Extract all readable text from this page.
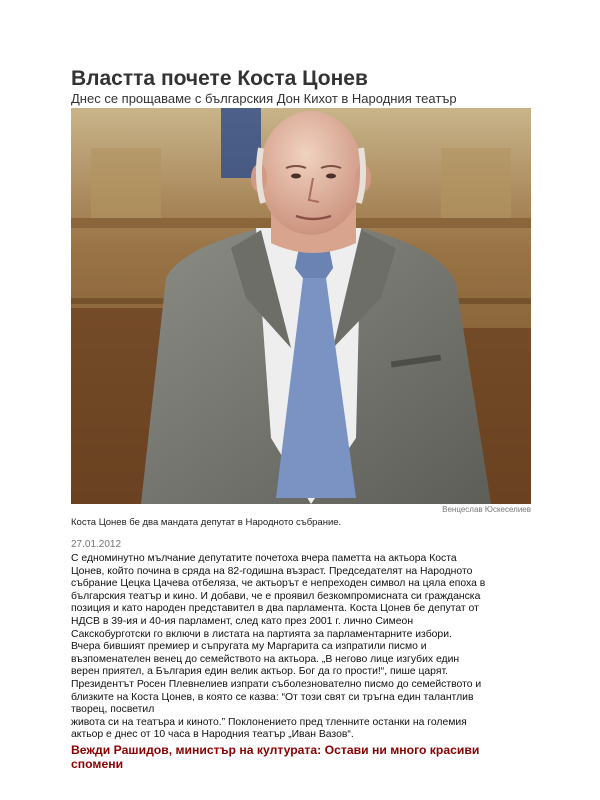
Властта почете Коста Цонев
Днес се прощаваме с българския Дон Кихот в Народния театър
Венцеслав Юскеселиев
Коста Цонев бе два мандата депутат в Народното събрание.
27.01.2012

С едноминутно мълчание депутатите почетоха вчера паметта на актьора Коста

Цонев, който почина в сряда на 82-годишна възраст. Председателят на Народното

събрание Цецка Цачева отбеляза, че актьорът е непреходен символ на цяла епоха в

българския театър и кино. И добави, че е проявил безкомпромисната си гражданска

позиция и като народен представител в два парламента. Коста Цонев бе депутат от

НДСВ в 39-ия и 40-ия парламент, след като през 2001 г. лично Симеон

Сакскобурготски го включи в листата на партията за парламентарните избори.

Вчера бившият премиер и съпругата му Маргарита са изпратили писмо и

възпоменателен венец до семейството на актьора. „В негово лице изгубих един

верен приятел, а България един велик актьор. Бог да го прости!“, пише царят.

Президентът Росен Плевнелиев изпрати съболезнователно писмо до семейството и

близките на Коста Цонев, в която се казва: “От този свят си тръгна един талантлив

творец, посветил

живота си на театъра и киното.” Поклонението пред тленните останки на големия

актьор е днес от 10 часа в Народния театър „Иван Вазов“.

Вежди Рашидов, министър на културата: Остави ни много красиви спомени
